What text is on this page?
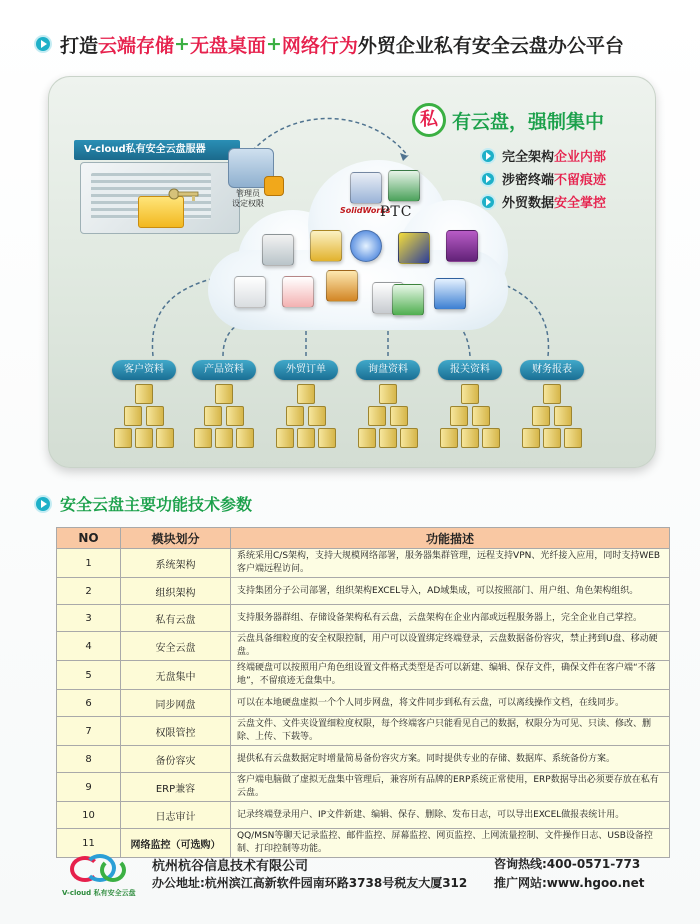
打造 云端存储 + 无盘桌面 + 网络行为 外贸企业私有安全云盘办公平台
私 有云盘，强制集中
完全架构 企业内部
涉密终端 不留痕迹
外贸数据 安全掌控
V-cloud私有安全云盘服器
管理员
设定权限
SolidWorks
PTC
客户资料	产品资料	外贸订单	询盘资料	报关资料	财务报表
安全云盘主要功能技术参数
NO	模块划分	功能描述
1	系统架构	系统采用C/S架构，支持大规模网络部署，服务器集群管理，远程支持VPN、光纤接入应用，同时支持WEB客户端远程访问。
2	组织架构	支持集团分子公司部署，组织架构EXCEL导入，AD域集成，可以按照部门、用户组、角色架构组织。
3	私有云盘	支持服务器群组、存储设备架构私有云盘，云盘架构在企业内部或远程服务器上，完全企业自己掌控。
4	安全云盘	云盘具备细粒度的安全权限控制，用户可以设置绑定终端登录，云盘数据备份容灾，禁止拷到U盘、移动硬盘。
5	无盘集中	终端硬盘可以按照用户角色组设置文件格式类型是否可以新建、编辑、保存文件，确保文件在客户端“不落地”，不留痕迹无盘集中。
6	同步网盘	可以在本地硬盘虚拟一个个人同步网盘，将文件同步到私有云盘，可以离线操作文档，在线同步。
7	权限管控	云盘文件、文件夹设置细粒度权限，每个终端客户只能看见自己的数据，权限分为可见、只读、修改、删除、上传、下载等。
8	备份容灾	提供私有云盘数据定时增量简易备份容灾方案。同时提供专业的存储、数据库、系统备份方案。
9	ERP兼容	客户端电脑做了虚拟无盘集中管理后，兼容所有品牌的ERP系统正常使用，ERP数据导出必须要存放在私有云盘。
10	日志审计	记录终端登录用户、IP文件新建、编辑、保存、删除、发布日志，可以导出EXCEL做报表统计用。
11	网络监控（可选购）	QQ/MSN等聊天记录监控、邮件监控、屏幕监控、网页监控、上网流量控制、文件操作日志、USB设备控制、打印控制等功能。
V-cloud 私有安全云盘
杭州杭谷信息技术有限公司
办公地址:杭州滨江高新软件园南环路3738号税友大厦312
咨询热线:400-0571-773
推广网站:www.hgoo.net
